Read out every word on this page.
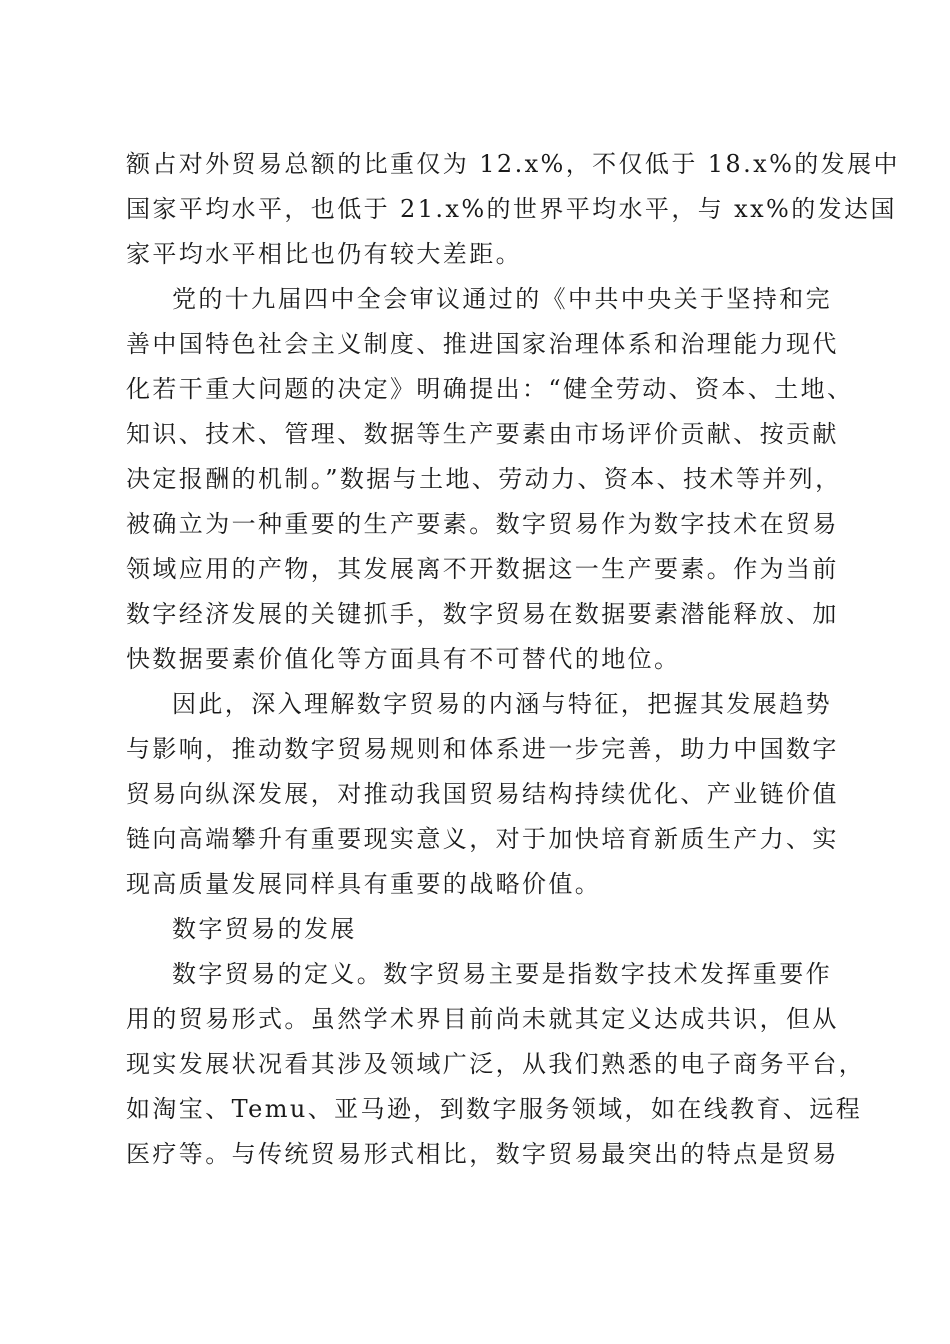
额占对外贸易总额的比重仅为 12.x%，不仅低于 18.x%的发展中
国家平均水平，也低于 21.x%的世界平均水平，与 xx%的发达国
家平均水平相比也仍有较大差距。
党的十九届四中全会审议通过的《中共中央关于坚持和完
善中国特色社会主义制度、推进国家治理体系和治理能力现代
化若干重大问题的决定》明确提出：“健全劳动、资本、土地、
知识、技术、管理、数据等生产要素由市场评价贡献、按贡献
决定报酬的机制。”数据与土地、劳动力、资本、技术等并列，
被确立为一种重要的生产要素。数字贸易作为数字技术在贸易
领域应用的产物，其发展离不开数据这一生产要素。作为当前
数字经济发展的关键抓手，数字贸易在数据要素潜能释放、加
快数据要素价值化等方面具有不可替代的地位。
因此，深入理解数字贸易的内涵与特征，把握其发展趋势
与影响，推动数字贸易规则和体系进一步完善，助力中国数字
贸易向纵深发展，对推动我国贸易结构持续优化、产业链价值
链向高端攀升有重要现实意义，对于加快培育新质生产力、实
现高质量发展同样具有重要的战略价值。
数字贸易的发展
数字贸易的定义。数字贸易主要是指数字技术发挥重要作
用的贸易形式。虽然学术界目前尚未就其定义达成共识，但从
现实发展状况看其涉及领域广泛，从我们熟悉的电子商务平台，
如淘宝、Temu、亚马逊，到数字服务领域，如在线教育、远程
医疗等。与传统贸易形式相比，数字贸易最突出的特点是贸易
